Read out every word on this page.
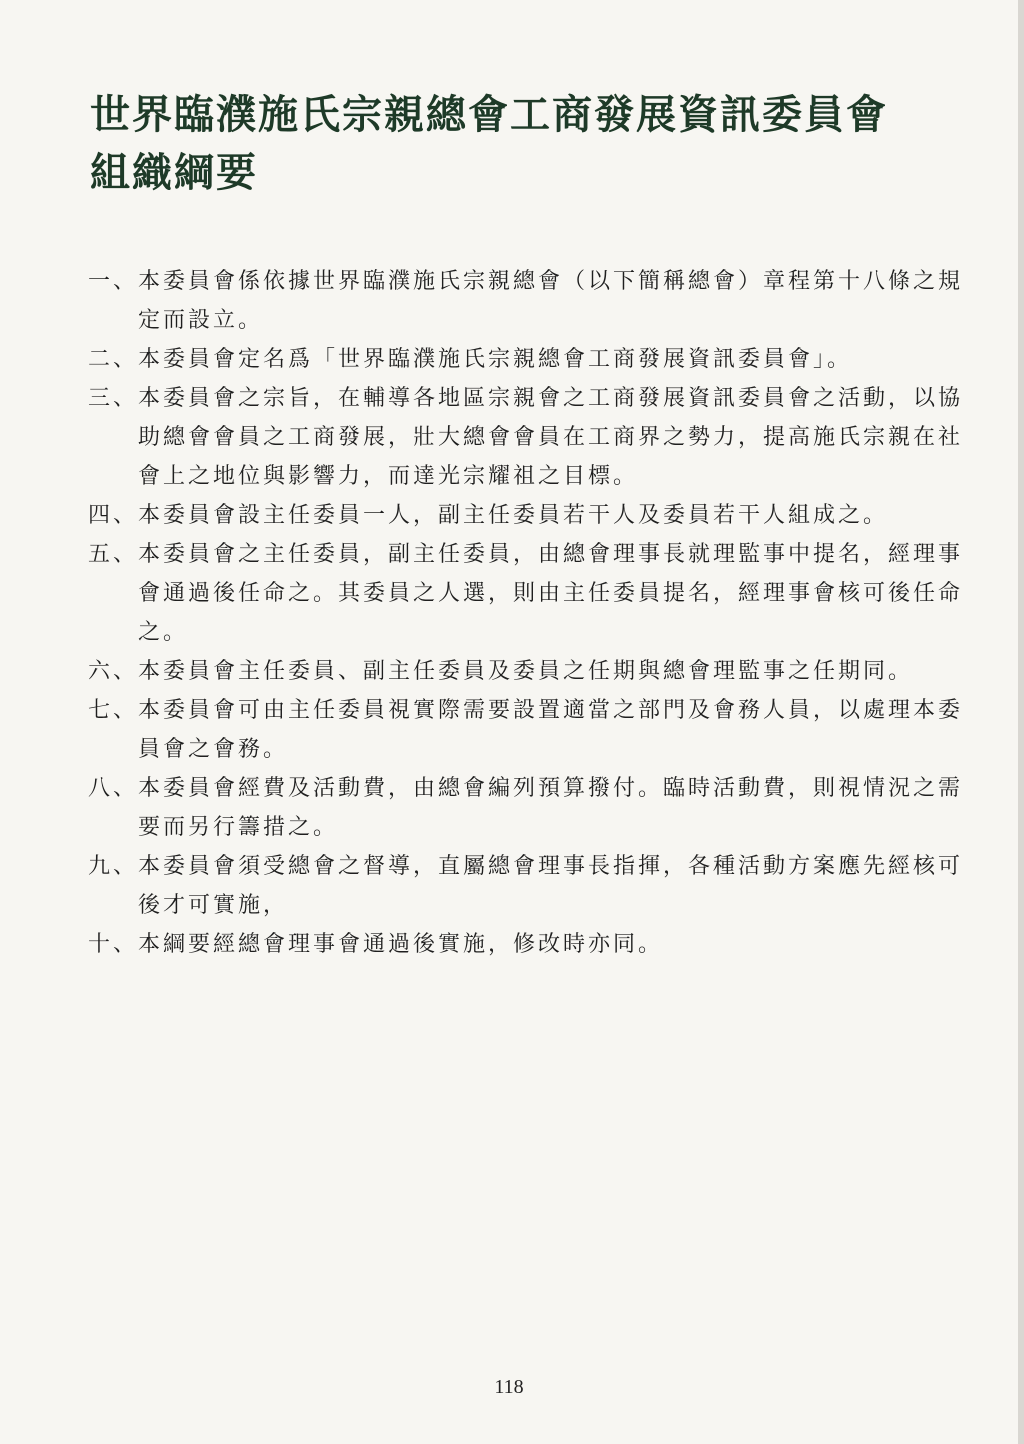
世界臨濮施氏宗親總會工商發展資訊委員會
組織綱要
一、 本委員會係依據世界臨濮施氏宗親總會（以下簡稱總會）章程第十八條之規定而設立。
二、 本委員會定名爲「世界臨濮施氏宗親總會工商發展資訊委員會」。
三、 本委員會之宗旨，在輔導各地區宗親會之工商發展資訊委員會之活動，以協助總會會員之工商發展，壯大總會會員在工商界之勢力，提高施氏宗親在社會上之地位與影響力，而達光宗耀祖之目標。
四、 本委員會設主任委員一人，副主任委員若干人及委員若干人組成之。
五、 本委員會之主任委員，副主任委員，由總會理事長就理監事中提名，經理事會通過後任命之。其委員之人選，則由主任委員提名，經理事會核可後任命之。
六、 本委員會主任委員、副主任委員及委員之任期與總會理監事之任期同。
七、 本委員會可由主任委員視實際需要設置適當之部門及會務人員，以處理本委員會之會務。
八、 本委員會經費及活動費，由總會編列預算撥付。臨時活動費，則視情況之需要而另行籌措之。
九、 本委員會須受總會之督導，直屬總會理事長指揮，各種活動方案應先經核可後才可實施，
十、 本綱要經總會理事會通過後實施，修改時亦同。
118
